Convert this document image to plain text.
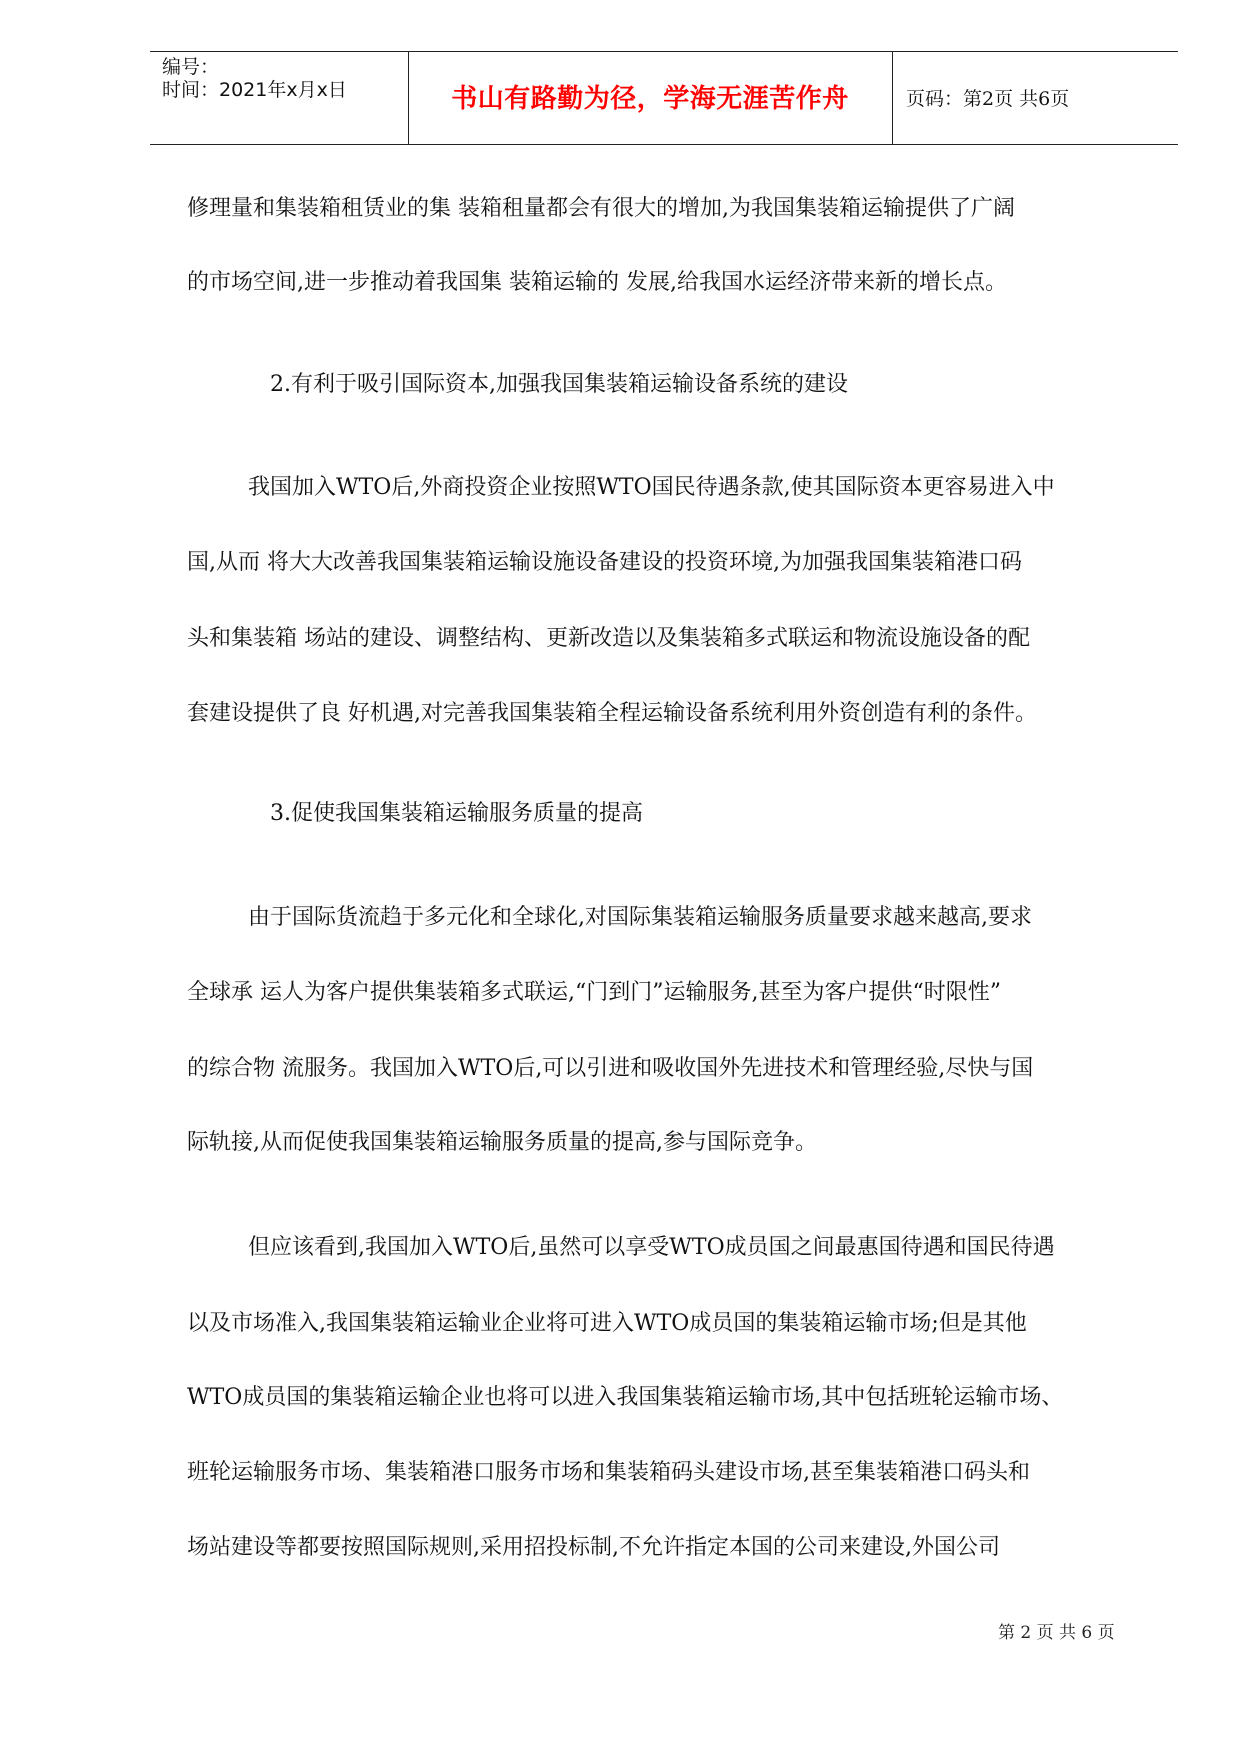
编号：
时间：2021年x月x日	书山有路勤为径，学海无涯苦作舟	页码：第2页 共6页
修理量和集装箱租赁业的集 装箱租量都会有很大的增加,为我国集装箱运输提供了广阔
的市场空间,进一步推动着我国集 装箱运输的 发展,给我国水运经济带来新的增长点。
2.有利于吸引国际资本,加强我国集装箱运输设备系统的建设
我国加入WTO后,外商投资企业按照WTO国民待遇条款,使其国际资本更容易进入中
国,从而 将大大改善我国集装箱运输设施设备建设的投资环境,为加强我国集装箱港口码
头和集装箱 场站的建设、调整结构、更新改造以及集装箱多式联运和物流设施设备的配
套建设提供了良 好机遇,对完善我国集装箱全程运输设备系统利用外资创造有利的条件。
3.促使我国集装箱运输服务质量的提高
由于国际货流趋于多元化和全球化,对国际集装箱运输服务质量要求越来越高,要求
全球承 运人为客户提供集装箱多式联运,“门到门”运输服务,甚至为客户提供“时限性”
的综合物 流服务。我国加入WTO后,可以引进和吸收国外先进技术和管理经验,尽快与国
际轨接,从而促使我国集装箱运输服务质量的提高,参与国际竞争。
但应该看到,我国加入WTO后,虽然可以享受WTO成员国之间最惠国待遇和国民待遇
以及市场准入,我国集装箱运输业企业将可进入WTO成员国的集装箱运输市场;但是其他
WTO成员国的集装箱运输企业也将可以进入我国集装箱运输市场,其中包括班轮运输市场、
班轮运输服务市场、集装箱港口服务市场和集装箱码头建设市场,甚至集装箱港口码头和
场站建设等都要按照国际规则,采用招投标制,不允许指定本国的公司来建设,外国公司
第 2 页 共 6 页
